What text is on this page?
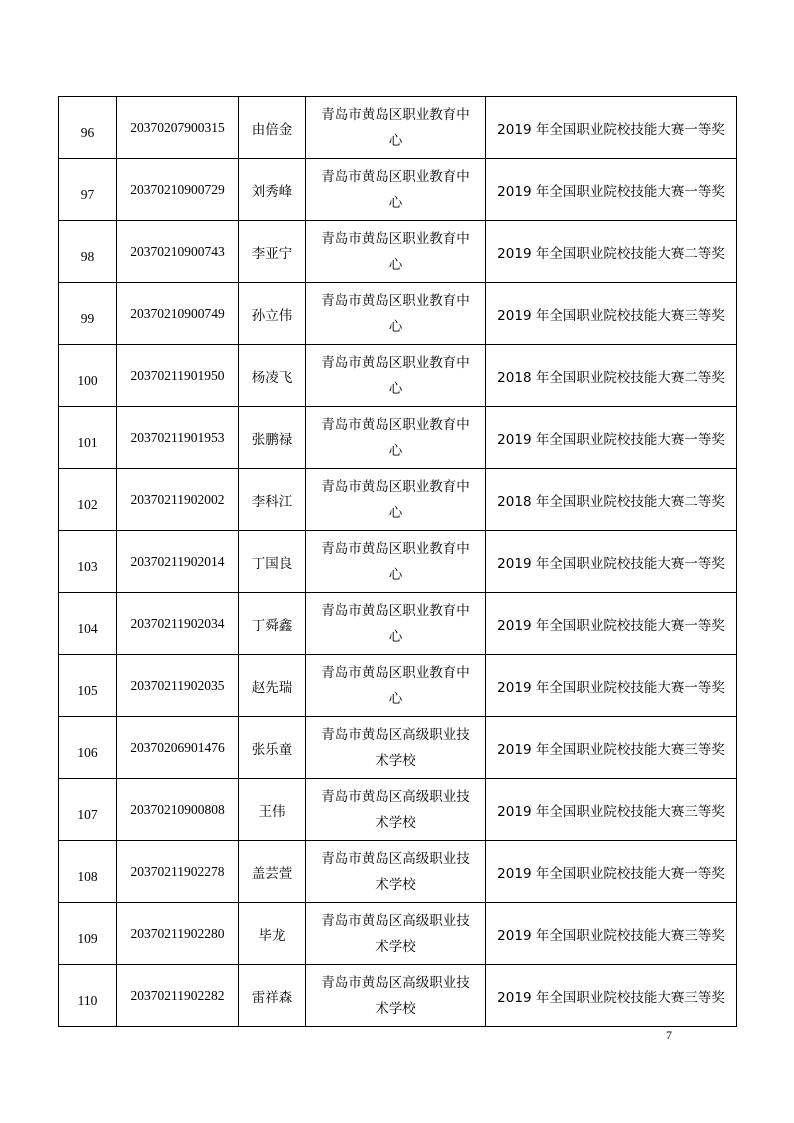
96	20370207900315	由倍金	青岛市黄岛区职业教育中
心	2019 年全国职业院校技能大赛一等奖
97	20370210900729	刘秀峰	青岛市黄岛区职业教育中
心	2019 年全国职业院校技能大赛一等奖
98	20370210900743	李亚宁	青岛市黄岛区职业教育中
心	2019 年全国职业院校技能大赛二等奖
99	20370210900749	孙立伟	青岛市黄岛区职业教育中
心	2019 年全国职业院校技能大赛三等奖
100	20370211901950	杨凌飞	青岛市黄岛区职业教育中
心	2018 年全国职业院校技能大赛二等奖
101	20370211901953	张鹏禄	青岛市黄岛区职业教育中
心	2019 年全国职业院校技能大赛一等奖
102	20370211902002	李科江	青岛市黄岛区职业教育中
心	2018 年全国职业院校技能大赛二等奖
103	20370211902014	丁国良	青岛市黄岛区职业教育中
心	2019 年全国职业院校技能大赛一等奖
104	20370211902034	丁舜鑫	青岛市黄岛区职业教育中
心	2019 年全国职业院校技能大赛一等奖
105	20370211902035	赵先瑞	青岛市黄岛区职业教育中
心	2019 年全国职业院校技能大赛一等奖
106	20370206901476	张乐童	青岛市黄岛区高级职业技
术学校	2019 年全国职业院校技能大赛三等奖
107	20370210900808	王伟	青岛市黄岛区高级职业技
术学校	2019 年全国职业院校技能大赛三等奖
108	20370211902278	盖芸萱	青岛市黄岛区高级职业技
术学校	2019 年全国职业院校技能大赛一等奖
109	20370211902280	毕龙	青岛市黄岛区高级职业技
术学校	2019 年全国职业院校技能大赛三等奖
110	20370211902282	雷祥森	青岛市黄岛区高级职业技
术学校	2019 年全国职业院校技能大赛三等奖
7
